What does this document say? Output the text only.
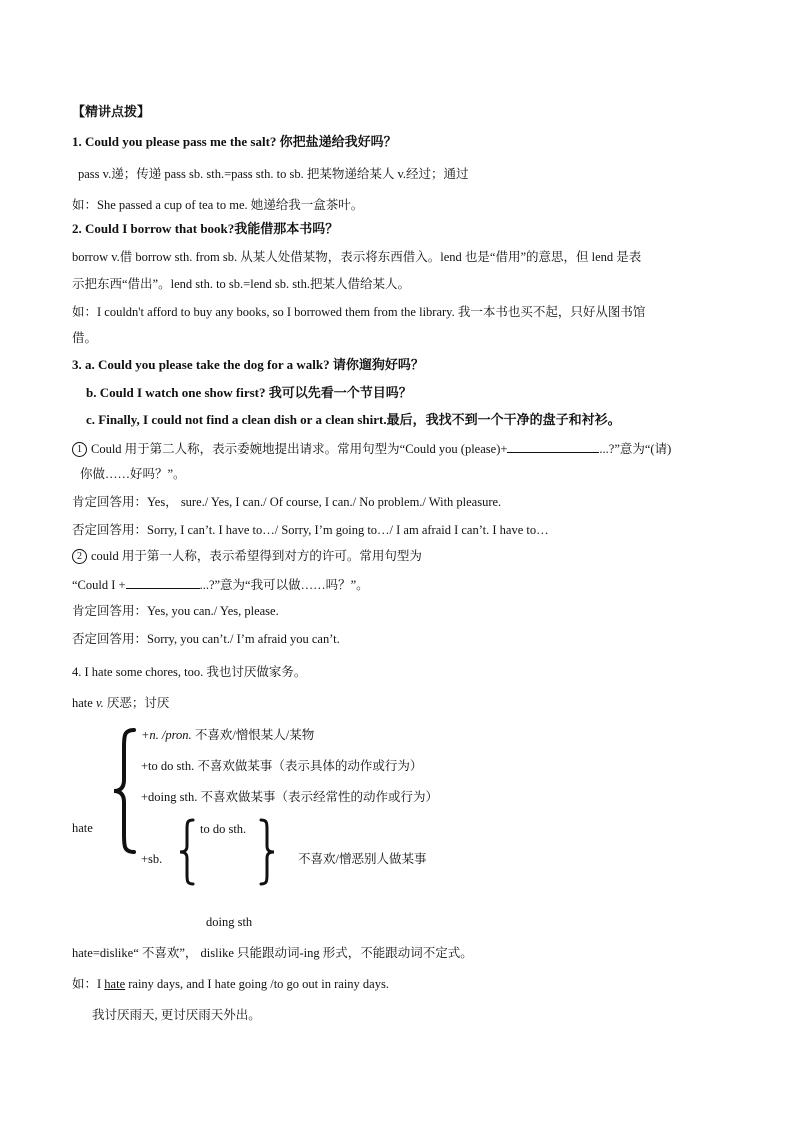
【精讲点拨】
1. Could you please pass me the salt? 你把盐递给我好吗？
pass v.递；传递 pass sb. sth.=pass sth. to sb. 把某物递给某人 v.经过；通过
如：She passed a cup of tea to me. 她递给我一盒茶叶。
2. Could I borrow that book?我能借那本书吗？
borrow v.借 borrow sth. from sb. 从某人处借某物，表示将东西借入。lend 也是“借用”的意思，但 lend 是表
示把东西“借出”。lend sth. to sb.=lend sb. sth.把某人借给某人。
如：I couldn't afford to buy any books, so I borrowed them from the library. 我一本书也买不起，只好从图书馆
借。
3. a. Could you please take the dog for a walk? 请你遛狗好吗？
b. Could I watch one show first? 我可以先看一个节目吗？
c. Finally, I could not find a clean dish or a clean shirt.最后，我找不到一个干净的盘子和衬衫。
1 Could 用于第二人称，表示委婉地提出请求。常用句型为“Could you (please)+	...?”意为“(请)
你做……好吗？”。
肯定回答用：Yes， sure./ Yes, I can./ Of course, I can./ No problem./ With pleasure.
否定回答用：Sorry, I can’t. I have to…/ Sorry, I’m going to…/ I am afraid I can’t. I have to…
2 could 用于第一人称，表示希望得到对方的许可。常用句型为
“Could I +	...?”意为“我可以做……吗？”。
肯定回答用：Yes, you can./ Yes, please.
否定回答用：Sorry, you can’t./ I’m afraid you can’t.
4. I hate some chores, too. 我也讨厌做家务。
hate v. 厌恶；讨厌
+n. /pron. 不喜欢/憎恨某人/某物
+to do sth. 不喜欢做某事（表示具体的动作或行为）
+doing sth. 不喜欢做某事（表示经常性的动作或行为）
hate
+sb.
to do sth.
不喜欢/憎恶别人做某事
doing sth
hate=dislike“ 不喜欢”， dislike 只能跟动词-ing 形式，不能跟动词不定式。
如：I hate rainy days, and I hate going /to go out in rainy days.
我讨厌雨天, 更讨厌雨天外出。
